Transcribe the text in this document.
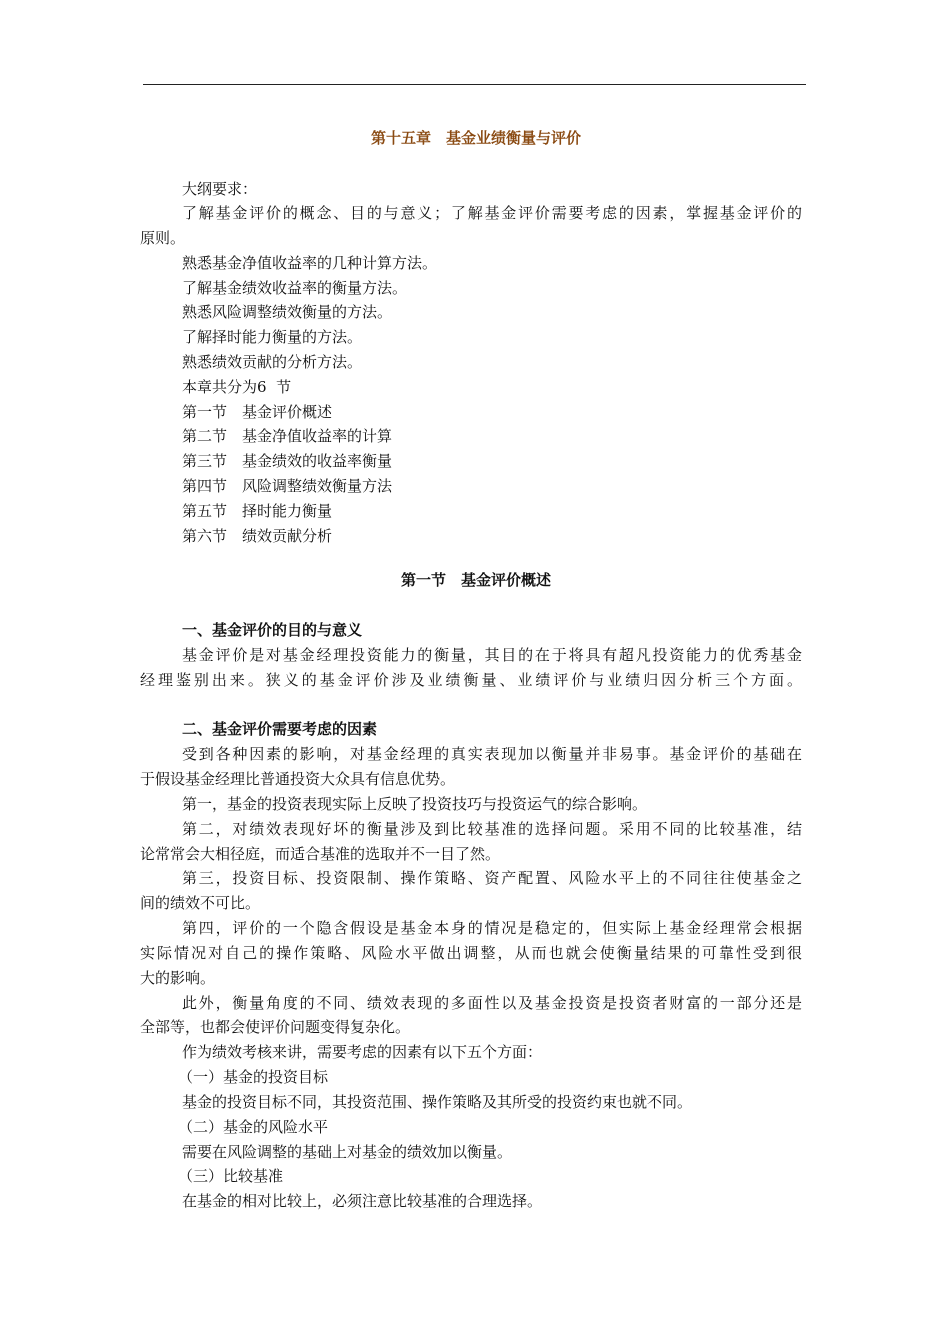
第十五章　基金业绩衡量与评价
大纲要求：
了解基金评价的概念、目的与意义；了解基金评价需要考虑的因素，掌握基金评价的
原则。
熟悉基金净值收益率的几种计算方法。
了解基金绩效收益率的衡量方法。
熟悉风险调整绩效衡量的方法。
了解择时能力衡量的方法。
熟悉绩效贡献的分析方法。
本章共分为6  节
第一节　基金评价概述
第二节　基金净值收益率的计算
第三节　基金绩效的收益率衡量
第四节　风险调整绩效衡量方法
第五节　择时能力衡量
第六节　绩效贡献分析
第一节　基金评价概述
一、基金评价的目的与意义
基金评价是对基金经理投资能力的衡量，其目的在于将具有超凡投资能力的优秀基金
经理鉴别出来。狭义的基金评价涉及业绩衡量、业绩评价与业绩归因分析三个方面。
二、基金评价需要考虑的因素
受到各种因素的影响，对基金经理的真实表现加以衡量并非易事。基金评价的基础在
于假设基金经理比普通投资大众具有信息优势。
第一，基金的投资表现实际上反映了投资技巧与投资运气的综合影响。
第二，对绩效表现好坏的衡量涉及到比较基准的选择问题。采用不同的比较基准，结
论常常会大相径庭，而适合基准的选取并不一目了然。
第三，投资目标、投资限制、操作策略、资产配置、风险水平上的不同往往使基金之
间的绩效不可比。
第四，评价的一个隐含假设是基金本身的情况是稳定的，但实际上基金经理常会根据
实际情况对自己的操作策略、风险水平做出调整，从而也就会使衡量结果的可靠性受到很
大的影响。
此外，衡量角度的不同、绩效表现的多面性以及基金投资是投资者财富的一部分还是
全部等，也都会使评价问题变得复杂化。
作为绩效考核来讲，需要考虑的因素有以下五个方面：
（一）基金的投资目标
基金的投资目标不同，其投资范围、操作策略及其所受的投资约束也就不同。
（二）基金的风险水平
需要在风险调整的基础上对基金的绩效加以衡量。
（三）比较基准
在基金的相对比较上，必须注意比较基准的合理选择。
